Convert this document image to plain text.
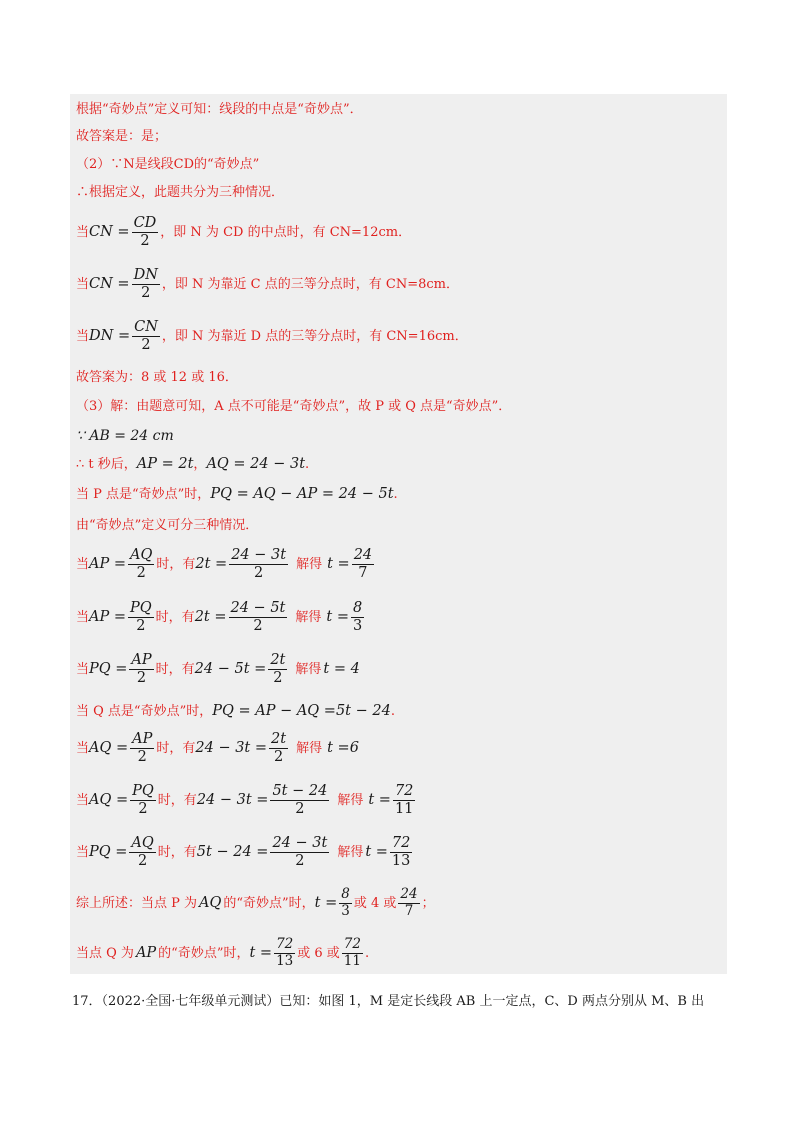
根据“奇妙点”定义可知：线段的中点是“奇妙点”．
故答案是：是；
（2）∵N是线段CD的“奇妙点”
∴根据定义，此题共分为三种情况．
当 CN = $\frac{CD}{2}$ ，即 N 为 CD 的中点时，有 CN=12cm．
当 CN = $\frac{DN}{2}$ ，即 N 为靠近 C 点的三等分点时，有 CN=8cm．
当 DN = $\frac{CN}{2}$ ，即 N 为靠近 D 点的三等分点时，有 CN=16cm．
故答案为：8 或 12 或 16．
（3）解：由题意可知，A 点不可能是“奇妙点”，故 P 或 Q 点是“奇妙点”．
∵ AB = 24 cm
∴ t 秒后， AP = 2t ， AQ = 24 − 3t .
当 P 点是“奇妙点”时， PQ = AQ − AP = 24 − 5t .
由“奇妙点”定义可分三种情况．
当 AP = $\frac{AQ}{2}$ 时，有 $2t = \frac{24 - 3t}{2}$ 解得 $t = \frac{24}{7}$
当 AP = $\frac{PQ}{2}$ 时，有 $2t = \frac{24 - 5t}{2}$ 解得 $t = \frac{8}{3}$
当 PQ = $\frac{AP}{2}$ 时，有 $24 - 5t = \frac{2t}{2}$ 解得 t = 4
当 Q 点是“奇妙点”时， PQ = AP − AQ =5t − 24 .
当 AQ = $\frac{AP}{2}$ 时，有 $24 - 3t = \frac{2t}{2}$ 解得 t =6
当 AQ = $\frac{PQ}{2}$ 时，有 $24 - 3t = \frac{5t - 24}{2}$ 解得 $t = \frac{72}{11}$
当 PQ = $\frac{AQ}{2}$ 时，有 $5t - 24 = \frac{24 - 3t}{2}$ 解得 $t = \frac{72}{13}$
综上所述：当点 P 为 AQ 的“奇妙点”时， $t = \frac{8}{3}$ 或 4 或 $\frac{24}{7}$ ；
当点 Q 为 AP 的“奇妙点”时， $t = \frac{72}{13}$ 或 6 或 $\frac{72}{11}$ .
17．（2022·全国·七年级单元测试）已知：如图 1，M 是定长线段 AB 上一定点，C、D 两点分别从 M、B 出
